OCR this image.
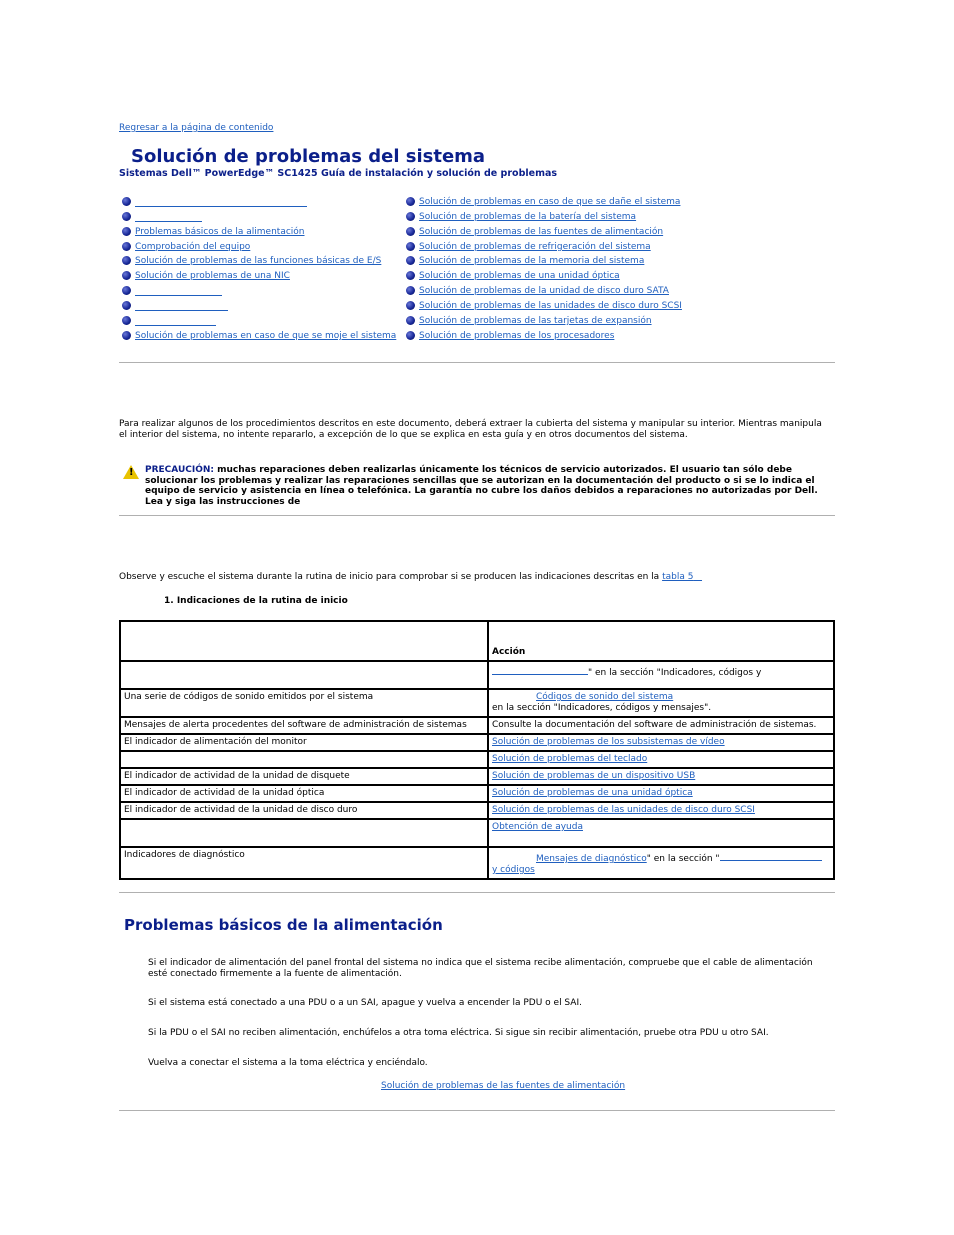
Regresar a la página de contenido
Solución de problemas del sistema
Sistemas Dell™ PowerEdge™ SC1425 Guía de instalación y solución de problemas
Problemas básicos de la alimentación
Comprobación del equipo
Solución de problemas de las funciones básicas de E/S
Solución de problemas de una NIC
Solución de problemas en caso de que se moje el sistema
Solución de problemas en caso de que se dañe el sistema
Solución de problemas de la batería del sistema
Solución de problemas de las fuentes de alimentación
Solución de problemas de refrigeración del sistema
Solución de problemas de la memoria del sistema
Solución de problemas de una unidad óptica
Solución de problemas de la unidad de disco duro SATA
Solución de problemas de las unidades de disco duro SCSI
Solución de problemas de las tarjetas de expansión
Solución de problemas de los procesadores
Para realizar algunos de los procedimientos descritos en este documento, deberá extraer la cubierta del sistema y manipular su interior. Mientras manipula el interior del sistema, no intente repararlo, a excepción de lo que se explica en esta guía y en otros documentos del sistema.
! PRECAUCIÓN: muchas reparaciones deben realizarlas únicamente los técnicos de servicio autorizados. El usuario tan sólo debe solucionar los problemas y realizar las reparaciones sencillas que se autorizan en la documentación del producto o si se lo indica el equipo de servicio y asistencia en línea o telefónica. La garantía no cubre los daños debidos a reparaciones no autorizadas por Dell. Lea y siga las instrucciones de
Observe y escuche el sistema durante la rutina de inicio para comprobar si se producen las indicaciones descritas en la tabla 5
1. Indicaciones de la rutina de inicio
	Acción
	" en la sección "Indicadores, códigos y
Una serie de códigos de sonido emitidos por el sistema	Códigos de sonido del sistema
en la sección "Indicadores, códigos y mensajes".

Mensajes de alerta procedentes del software de administración de sistemas	Consulte la documentación del software de administración de sistemas.
El indicador de alimentación del monitor	Solución de problemas de los subsistemas de vídeo
	Solución de problemas del teclado
El indicador de actividad de la unidad de disquete	Solución de problemas de un dispositivo USB
El indicador de actividad de la unidad óptica	Solución de problemas de una unidad óptica
El indicador de actividad de la unidad de disco duro	Solución de problemas de las unidades de disco duro SCSI
	Obtención de ayuda
Indicadores de diagnóstico	Mensajes de diagnóstico" en la sección "
y códigos
Problemas básicos de la alimentación
Si el indicador de alimentación del panel frontal del sistema no indica que el sistema recibe alimentación, compruebe que el cable de alimentación esté conectado firmemente a la fuente de alimentación.
Si el sistema está conectado a una PDU o a un SAI, apague y vuelva a encender la PDU o el SAI.
Si la PDU o el SAI no reciben alimentación, enchúfelos a otra toma eléctrica. Si sigue sin recibir alimentación, pruebe otra PDU u otro SAI.
Vuelva a conectar el sistema a la toma eléctrica y enciéndalo.
Solución de problemas de las fuentes de alimentación
